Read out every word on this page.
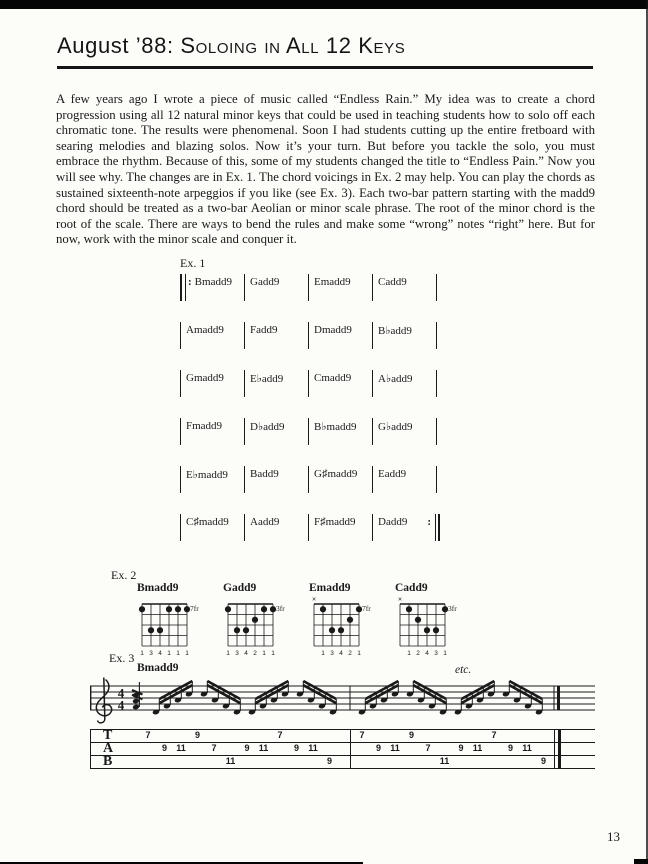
August ’88: Soloing in All 12 Keys

A few years ago I wrote a piece of music called “Endless Rain.” My idea was to create a chord progression using all 12 natural minor keys that could be used in teaching students how to solo off each chromatic tone. The results were phenomenal. Soon I had students cutting up the entire fretboard with searing melodies and blazing solos. Now it’s your turn. But before you tackle the solo, you must embrace the rhythm. Because of this, some of my students changed the title to “Endless Pain.” Now you will see why. The changes are in Ex. 1. The chord voicings in Ex. 2 may help. You can play the chords as sustained sixteenth-note arpeggios if you like (see Ex. 3). Each two-bar pattern starting with the madd9 chord should be treated as a two-bar Aeolian or minor scale phrase. The root of the minor chord is the root of the scale. There are ways to bend the rules and make some “wrong” notes “right” here. But for now, work with the minor scale and conquer it.

Ex. 1
: Bmadd9	Gadd9	Emadd9	Cadd9
Amadd9	Fadd9	Dmadd9	B♭add9
Gmadd9	E♭add9	Cmadd9	A♭add9
Fmadd9	D♭add9	B♭madd9	G♭add9
E♭madd9	Badd9	G♯madd9	Eadd9
C♯madd9	Aadd9	F♯madd9	Dadd9 :
Ex. 2
Bmadd9
7fr
1 3 4 1 1 1
Gadd9
3fr
1 3 4 2 1 1
Emadd9
×
7fr
1 3 4 2 1
Cadd9
×
3fr
1 2 4 3 1
Ex. 3
Bmadd9	etc.
4
4
T
A
B
7
9 11
9
7
11
9 11
7
9 11
9
7
9 11
9
7
11
9 11
7
9 11
9
13
